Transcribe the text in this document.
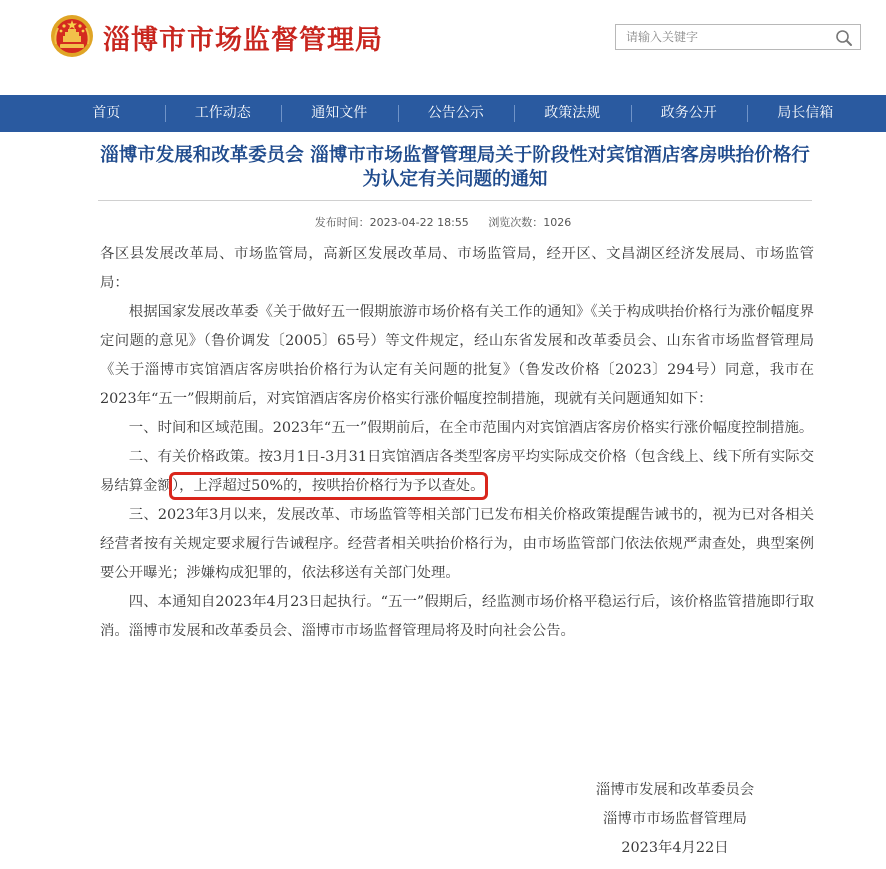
淄博市市场监督管理局
请输入关键字
首页	工作动态	通知文件	公告公示	政策法规	政务公开	局长信箱
淄博市发展和改革委员会 淄博市市场监督管理局关于阶段性对宾馆酒店客房哄抬价格行为认定有关问题的通知
发布时间：2023-04-22 18:55 浏览次数：1026

各区县发展改革局、市场监管局，高新区发展改革局、市场监管局，经开区、文昌湖区经济发展局、市场监管局：

根据国家发展改革委《关于做好五一假期旅游市场价格有关工作的通知》《关于构成哄抬价格行为涨价幅度界定问题的意见》（鲁价调发〔2005〕65号）等文件规定，经山东省发展和改革委员会、山东省市场监督管理局《关于淄博市宾馆酒店客房哄抬价格行为认定有关问题的批复》（鲁发改价格〔2023〕294号）同意，我市在2023年“五一”假期前后，对宾馆酒店客房价格实行涨价幅度控制措施，现就有关问题通知如下：

一、时间和区域范围。2023年“五一”假期前后，在全市范围内对宾馆酒店客房价格实行涨价幅度控制措施。

二、有关价格政策。按3月1日-3月31日宾馆酒店各类型客房平均实际成交价格（包含线上、线下所有实际交易结算金额），上浮超过50%的，按哄抬价格行为予以查处。

三、2023年3月以来，发展改革、市场监管等相关部门已发布相关价格政策提醒告诫书的，视为已对各相关经营者按有关规定要求履行告诫程序。经营者相关哄抬价格行为，由市场监管部门依法依规严肃查处，典型案例要公开曝光；涉嫌构成犯罪的，依法移送有关部门处理。

四、本通知自2023年4月23日起执行。“五一”假期后，经监测市场价格平稳运行后，该价格监管措施即行取消。淄博市发展和改革委员会、淄博市市场监督管理局将及时向社会公告。

淄博市发展和改革委员会
淄博市市场监督管理局
2023年4月22日
